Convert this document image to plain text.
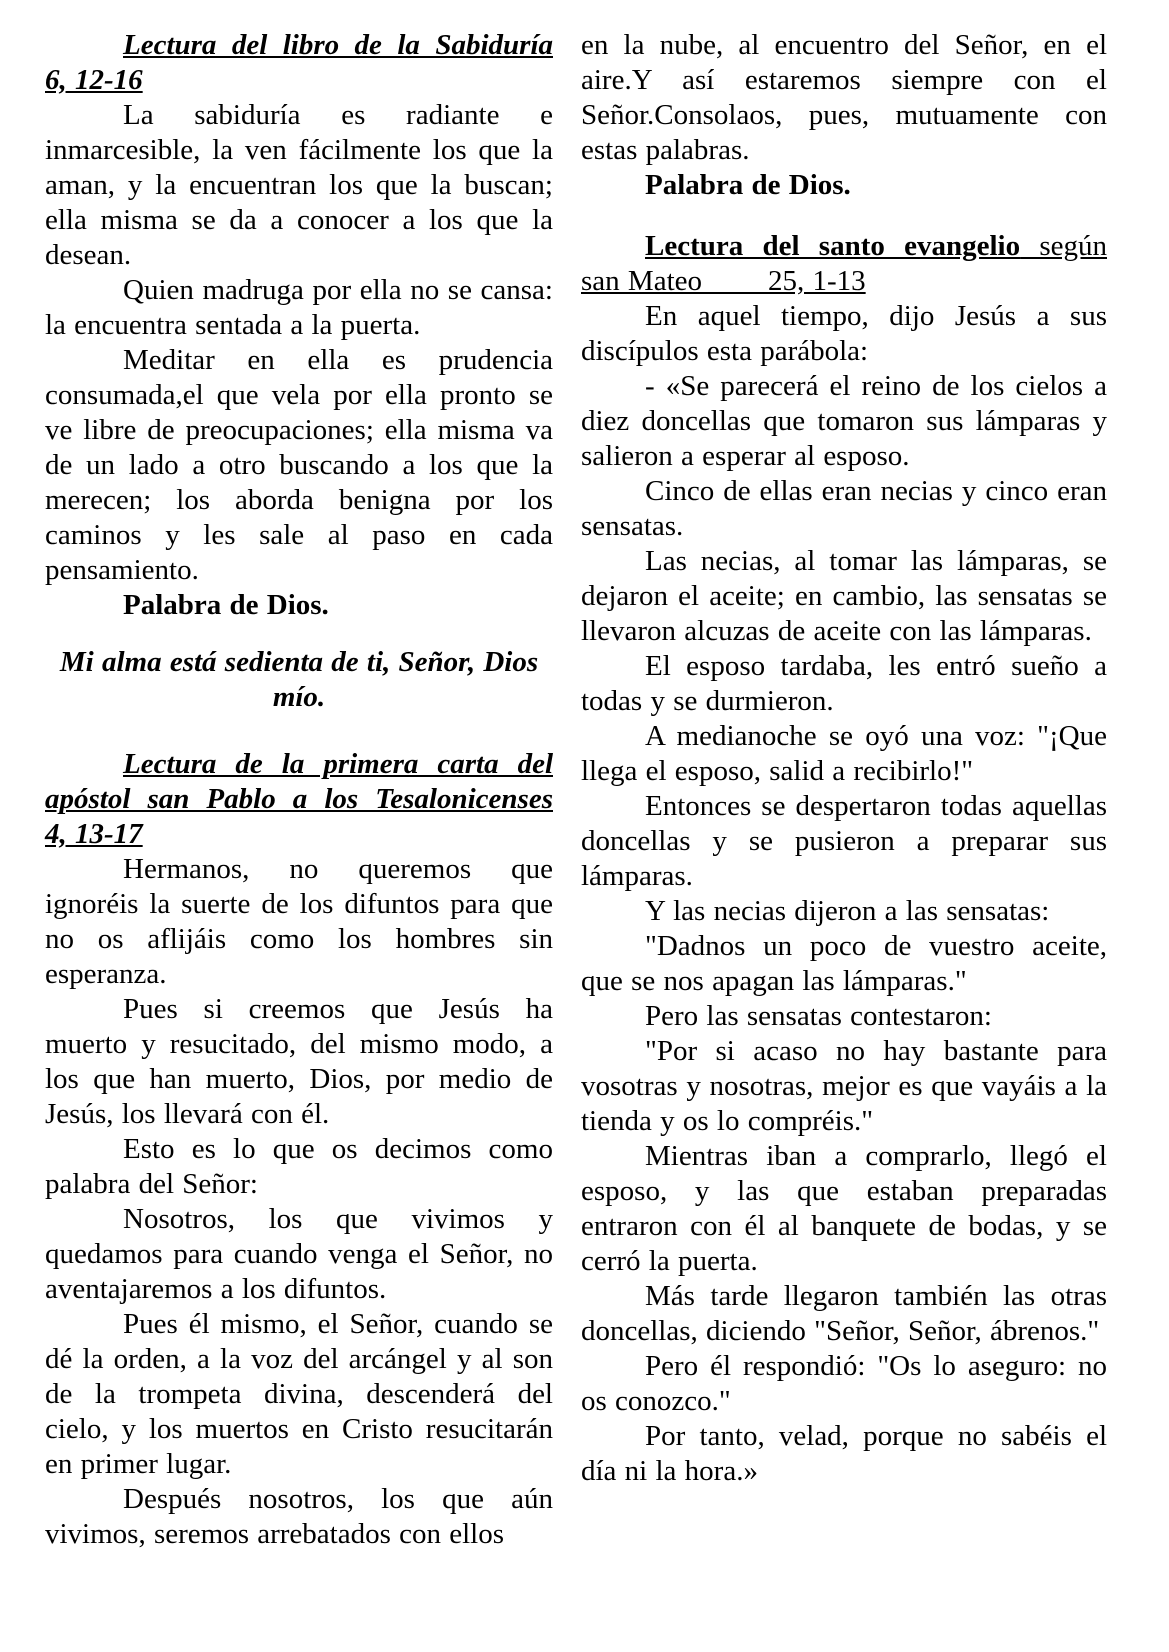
Lectura del libro de la Sabiduría 6, 12-16
La sabiduría es radiante e inmarcesible, la ven fácilmente los que la aman, y la encuentran los que la buscan; ella misma se da a conocer a los que la desean.
Quien madruga por ella no se cansa: la encuentra sentada a la puerta.
Meditar en ella es prudencia consumada,el que vela por ella pronto se ve libre de preocupaciones; ella misma va de un lado a otro buscando a los que la merecen; los aborda benigna por los caminos y les sale al paso en cada pensamiento.
Palabra de Dios.
Mi alma está sedienta de ti, Señor, Dios mío.
Lectura de la primera carta del apóstol san Pablo a los Tesalonicenses 4, 13-17
Hermanos, no queremos que ignoréis la suerte de los difuntos para que no os aflijáis como los hombres sin esperanza.
Pues si creemos que Jesús ha muerto y resucitado, del mismo modo, a los que han muerto, Dios, por medio de Jesús, los llevará con él.
Esto es lo que os decimos como palabra del Señor:
Nosotros, los que vivimos y quedamos para cuando venga el Señor, no aventajaremos a los difuntos.
Pues él mismo, el Señor, cuando se dé la orden, a la voz del arcángel y al son de la trompeta divina, descenderá del cielo, y los muertos en Cristo resucitarán en primer lugar.
Después nosotros, los que aún vivimos, seremos arrebatados con ellos
en la nube, al encuentro del Señor, en el aire.Y así estaremos siempre con el Señor.Consolaos, pues, mutuamente con estas palabras.
Palabra de Dios.
Lectura del santo evangelio según san Mateo        25, 1-13
En aquel tiempo, dijo Jesús a sus discípulos esta parábola:
- «Se parecerá el reino de los cielos a diez doncellas que tomaron sus lámparas y salieron a esperar al esposo.
Cinco de ellas eran necias y cinco eran sensatas.
Las necias, al tomar las lámparas, se dejaron el aceite; en cambio, las sensatas se llevaron alcuzas de aceite con las lámparas.
El esposo tardaba, les entró sueño a todas y se durmieron.
A medianoche se oyó una voz: "¡Que llega el esposo, salid a recibirlo!"
Entonces se despertaron todas aquellas doncellas y se pusieron a preparar sus lámparas.
Y las necias dijeron a las sensatas:
"Dadnos un poco de vuestro aceite, que se nos apagan las lámparas."
Pero las sensatas contestaron:
"Por si acaso no hay bastante para vosotras y nosotras, mejor es que vayáis a la tienda y os lo compréis."
Mientras iban a comprarlo, llegó el esposo, y las que estaban preparadas entraron con él al banquete de bodas, y se cerró la puerta.
Más tarde llegaron también las otras doncellas, diciendo "Señor, Señor, ábrenos."
Pero él respondió: "Os lo aseguro: no os conozco."
Por tanto, velad, porque no sabéis el día ni la hora.»
